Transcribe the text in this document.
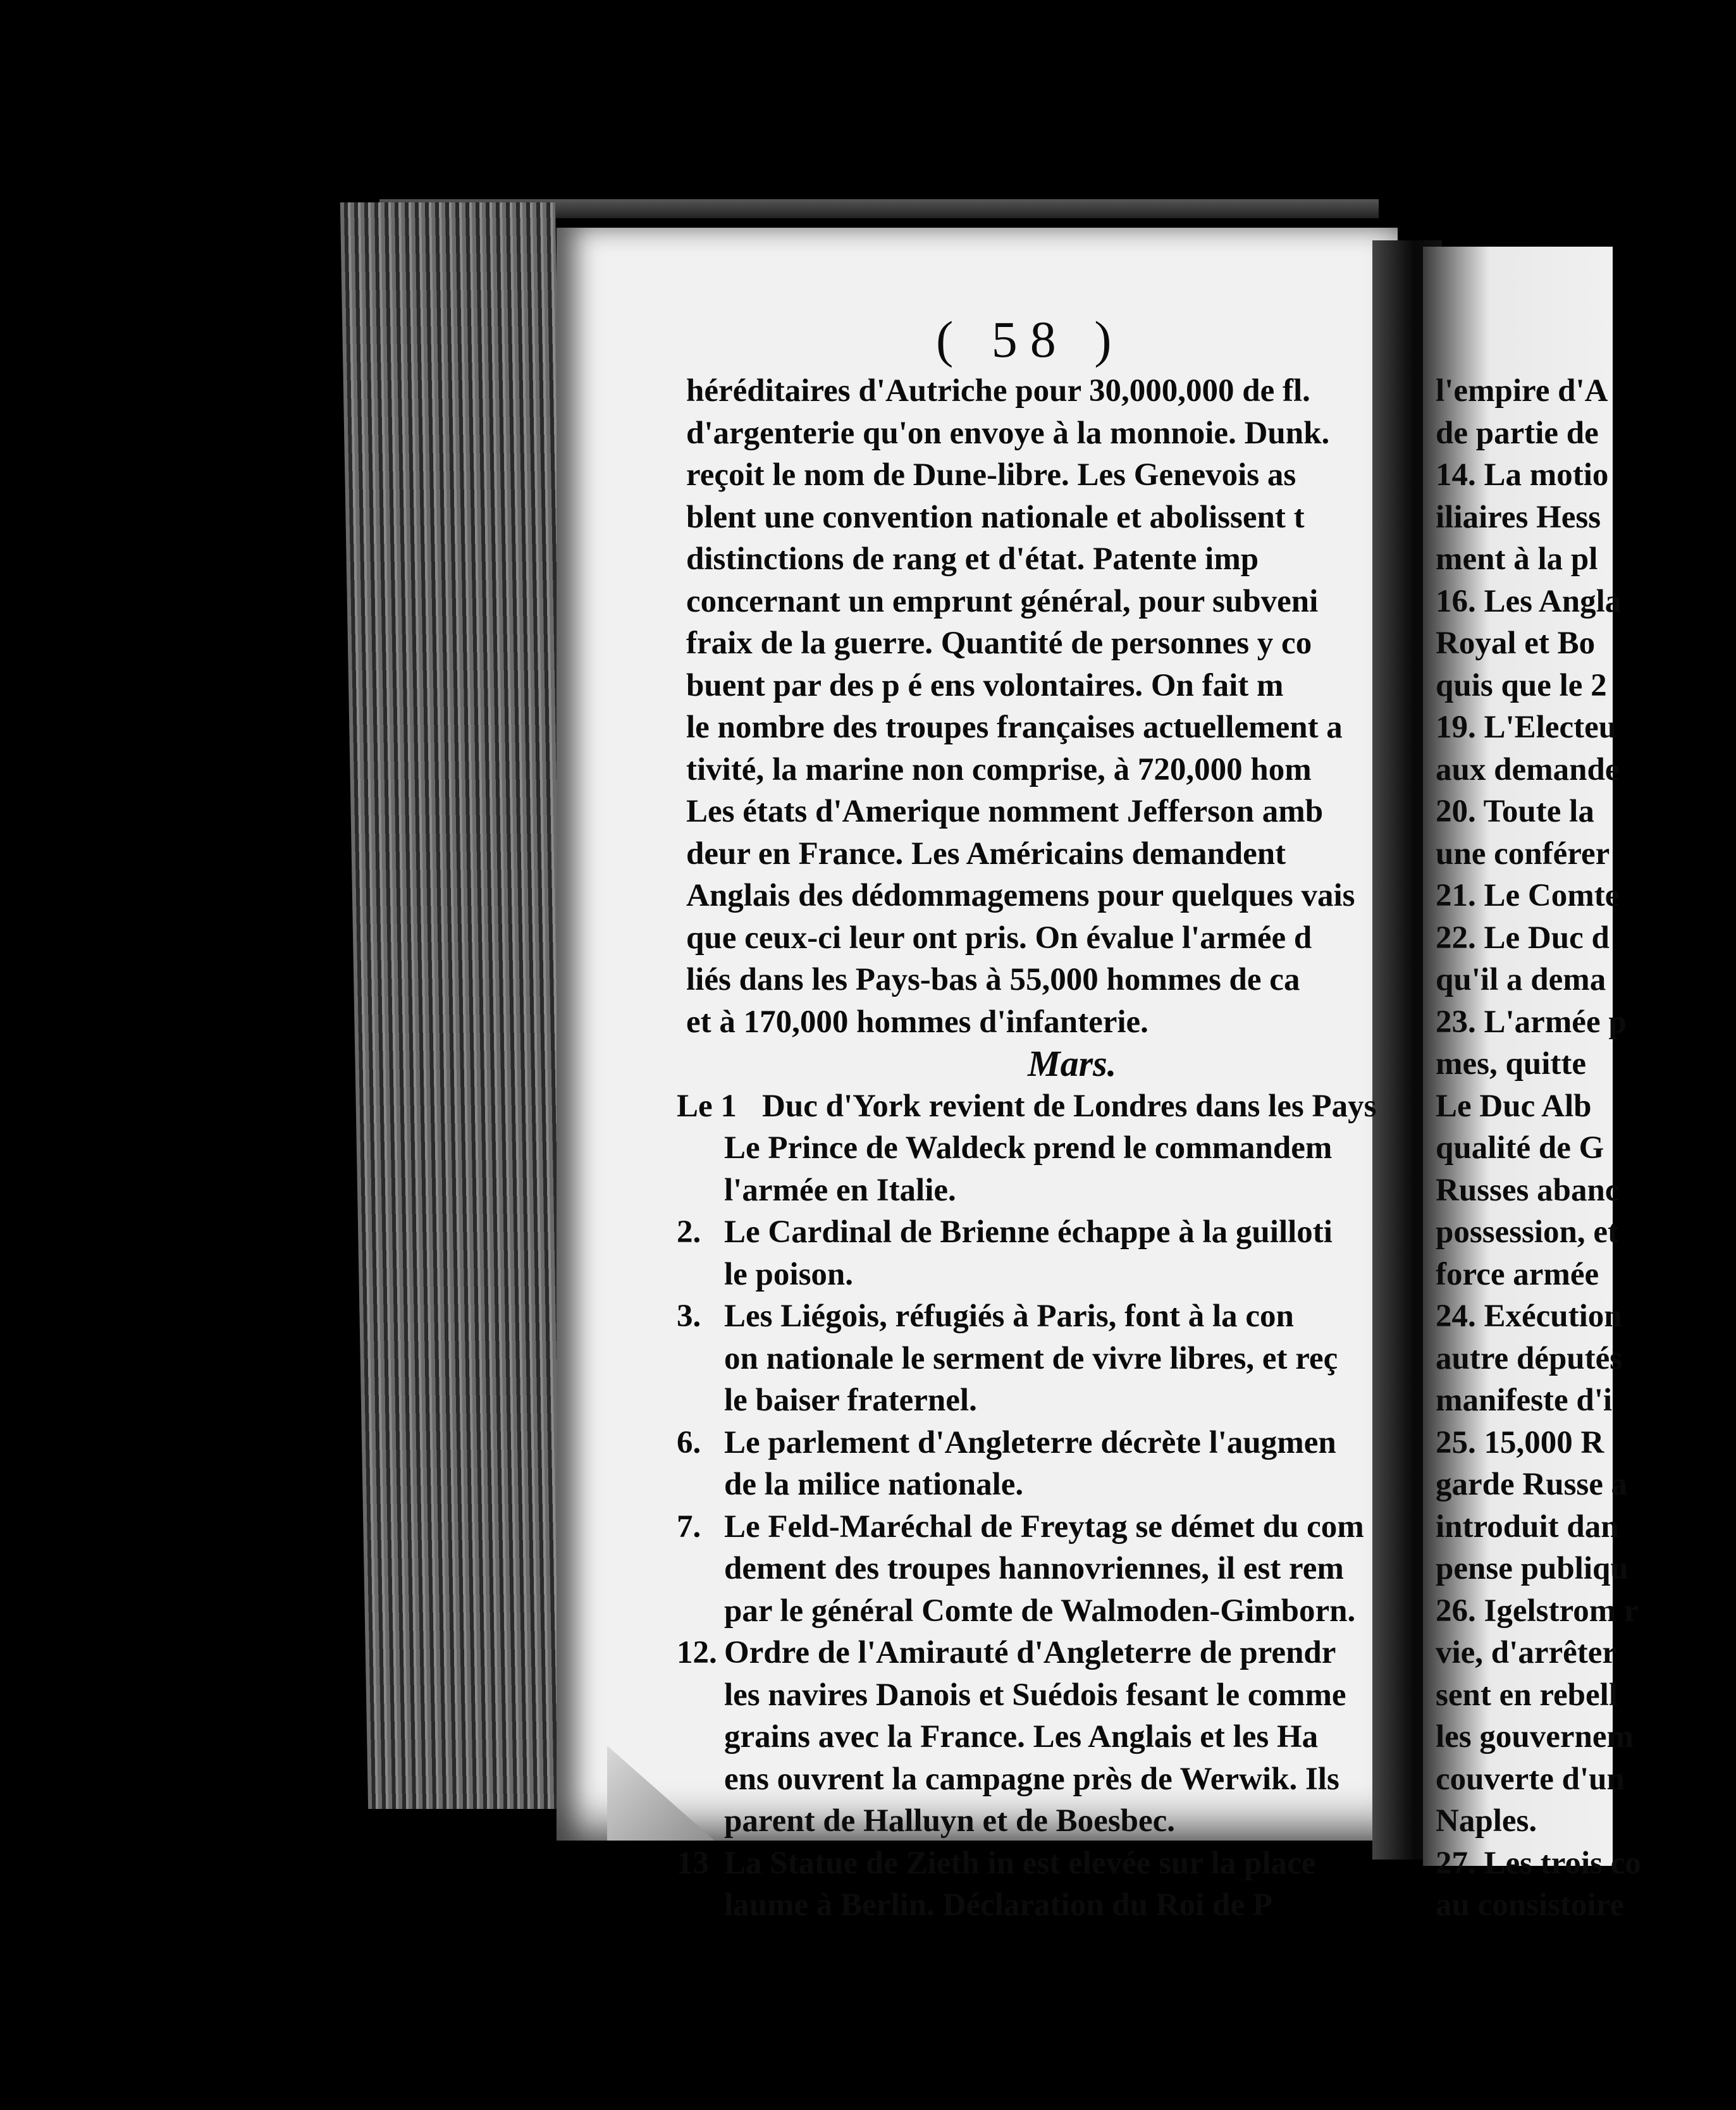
( 58 )
héréditaires d'Autriche pour 30,000,000 de fl.
d'argenterie qu'on envoye à la monnoie. Dunk.
reçoit le nom de Dune-libre. Les Genevois as
blent une convention nationale et abolissent t
distinctions de rang et d'état. Patente imp
concernant un emprunt général, pour subveni
fraix de la guerre. Quantité de personnes y co
buent par des p é ens volontaires. On fait m
le nombre des troupes françaises actuellement a
tivité, la marine non comprise, à 720,000 hom
Les états d'Amerique nomment Jefferson amb
deur en France. Les Américains demandent
Anglais des dédommagemens pour quelques vais
que ceux-ci leur ont pris. On évalue l'armée d
liés dans les Pays-bas à 55,000 hommes de ca
et à 170,000 hommes d'infanterie.
Mars.
Le 1 Duc d'York revient de Londres dans les Pays
Le Prince de Waldeck prend le commandem
l'armée en Italie.
2. Le Cardinal de Brienne échappe à la guilloti
le poison.
3. Les Liégois, réfugiés à Paris, font à la con
on nationale le serment de vivre libres, et reç
le baiser fraternel.
6. Le parlement d'Angleterre décrète l'augmen
de la milice nationale.
7. Le Feld-Maréchal de Freytag se démet du com
dement des troupes hannovriennes, il est rem
par le général Comte de Walmoden-Gimborn.
12. Ordre de l'Amirauté d'Angleterre de prendr
les navires Danois et Suédois fesant le comme
grains avec la France. Les Anglais et les Ha
ens ouvrent la campagne près de Werwik. Ils
parent de Halluyn et de Boesbec.
13 La Statue de Zieth in est elevée sur la place
laume à Berlin. Déclaration du Roi de P
l'empire d'A
de partie de
14. La motio
iliaires Hess
ment à la pl
16. Les Angla
Royal et Bo
quis que le 2
19. L'Electeu
aux demande
20. Toute la
une conférer
21. Le Comte
22. Le Duc d
qu'il a dema
23. L'armée p
mes, quitte
Le Duc Alb
qualité de G
Russes abanc
possession, et
force armée
24. Exécution
autre députés
manifeste d'i
25. 15,000 R
garde Russe a
introduit dan
pense publiqu
26. Igelstrom r
vie, d'arrêter
sent en rebell
les gouvernem
couverte d'un
Naples.
27. Les trois co
au consistoire
